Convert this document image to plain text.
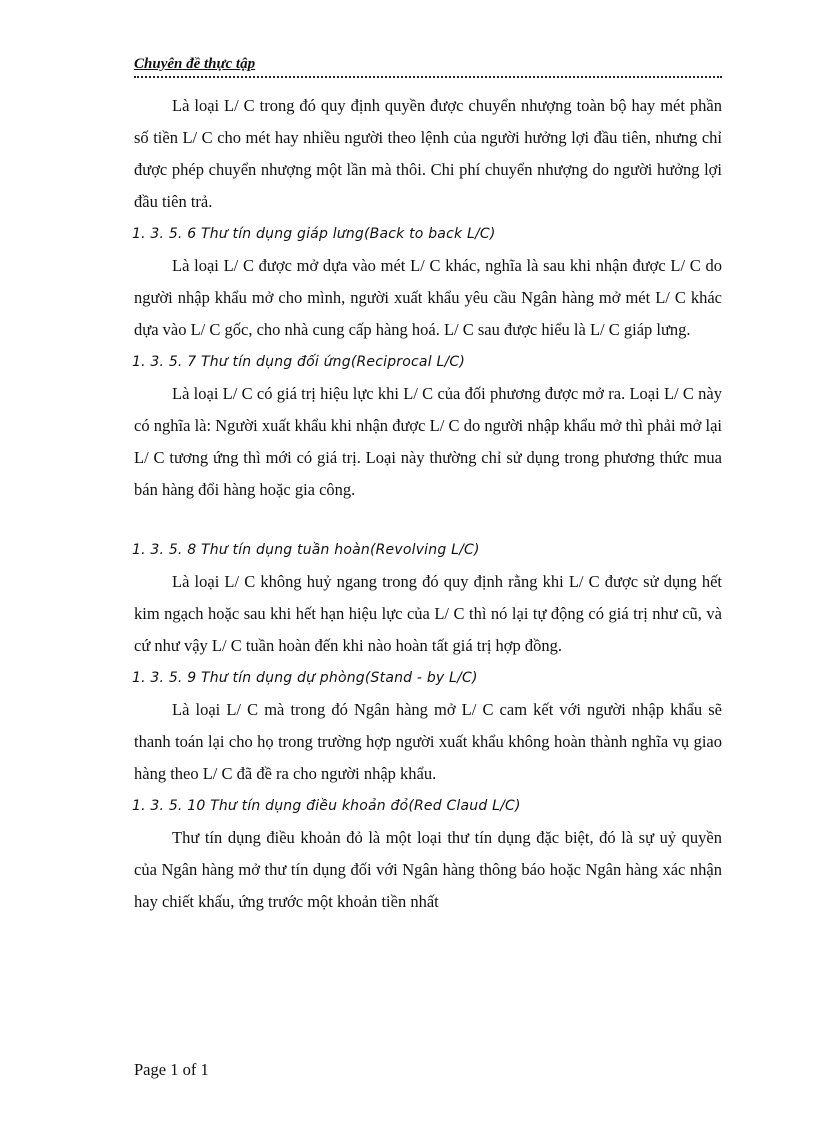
Chuyên đề thực tập

Là loại L/ C trong đó quy định quyền được chuyển nhượng toàn bộ hay mét phần số tiền L/ C cho mét hay nhiều người theo lệnh của người hưởng lợi đầu tiên, nhưng chỉ được phép chuyển nhượng một lần mà thôi. Chi phí chuyển nhượng do người hưởng lợi đầu tiên trả.

1. 3. 5. 6 Thư tín dụng giáp lưng(Back to back L/C)

Là loại L/ C được mở dựa vào mét L/ C khác, nghĩa là sau khi nhận được L/ C do người nhập khẩu mở cho mình, người xuất khẩu yêu cầu Ngân hàng mở mét L/ C khác dựa vào L/ C gốc, cho nhà cung cấp hàng hoá. L/ C sau được hiểu là L/ C giáp lưng.

1. 3. 5. 7 Thư tín dụng đối ứng(Reciprocal L/C)

Là loại L/ C có giá trị hiệu lực khi L/ C của đối phương được mở ra. Loại L/ C này có nghĩa là: Người xuất khẩu khi nhận được L/ C do người nhập khẩu mở thì phải mở lại L/ C tương ứng thì mới có giá trị. Loại này thường chỉ sử dụng trong phương thức mua bán hàng đổi hàng hoặc gia công.

1. 3. 5. 8 Thư tín dụng tuần hoàn(Revolving L/C)

Là loại L/ C không huỷ ngang trong đó quy định rằng khi L/ C được sử dụng hết kim ngạch hoặc sau khi hết hạn hiệu lực của L/ C thì nó lại tự động có giá trị như cũ, và cứ như vậy L/ C tuần hoàn đến khi nào hoàn tất giá trị hợp đồng.

1. 3. 5. 9 Thư tín dụng dự phòng(Stand - by L/C)

Là loại L/ C mà trong đó Ngân hàng mở L/ C cam kết với người nhập khẩu sẽ thanh toán lại cho họ trong trường hợp người xuất khẩu không hoàn thành nghĩa vụ giao hàng theo L/ C đã đề ra cho người nhập khẩu.

1. 3. 5. 10 Thư tín dụng điều khoản đỏ(Red Claud L/C)

Thư tín dụng điều khoản đỏ là một loại thư tín dụng đặc biệt, đó là sự uỷ quyền của Ngân hàng mở thư tín dụng đối với Ngân hàng thông báo hoặc Ngân hàng xác nhận hay chiết khấu, ứng trước một khoản tiền nhất

Page 1 of 1
